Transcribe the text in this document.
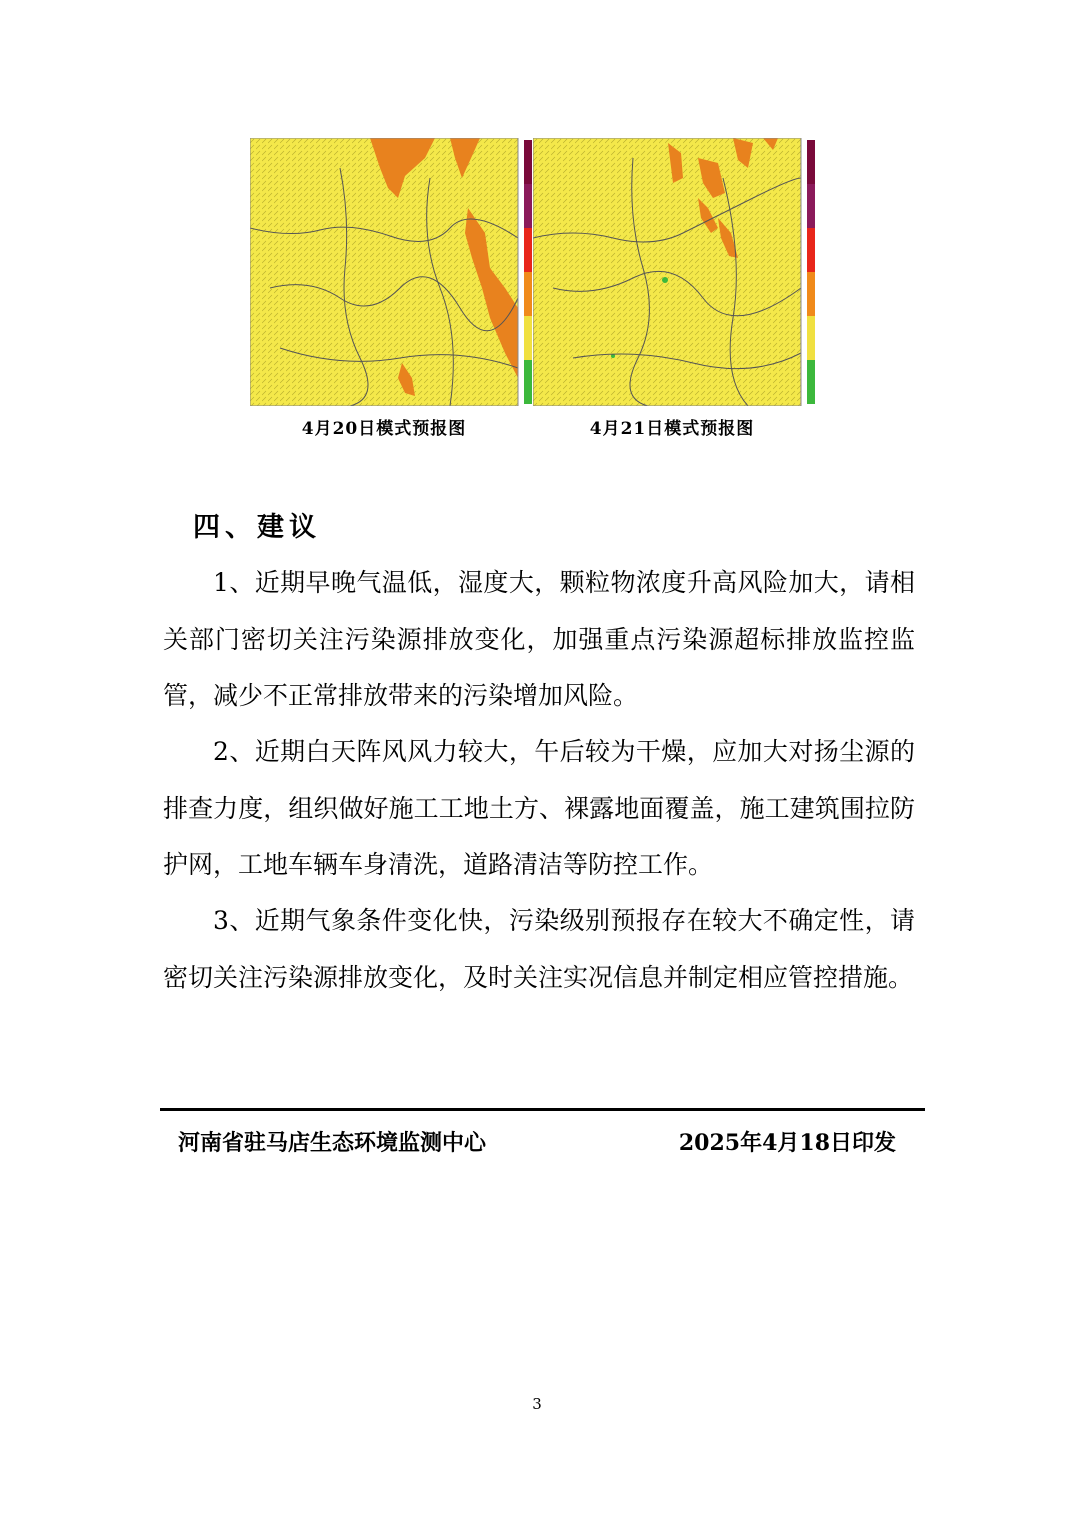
4月20日模式预报图	4月21日模式预报图
四、建议
1、近期早晚气温低，湿度大，颗粒物浓度升高风险加大，请相关部门密切关注污染源排放变化，加强重点污染源超标排放监控监管，减少不正常排放带来的污染增加风险。
2、近期白天阵风风力较大，午后较为干燥，应加大对扬尘源的排查力度，组织做好施工工地土方、裸露地面覆盖，施工建筑围拉防护网，工地车辆车身清洗，道路清洁等防控工作。
3、近期气象条件变化快，污染级别预报存在较大不确定性，请密切关注污染源排放变化，及时关注实况信息并制定相应管控措施。
河南省驻马店生态环境监测中心	2025年4月18日印发
3
